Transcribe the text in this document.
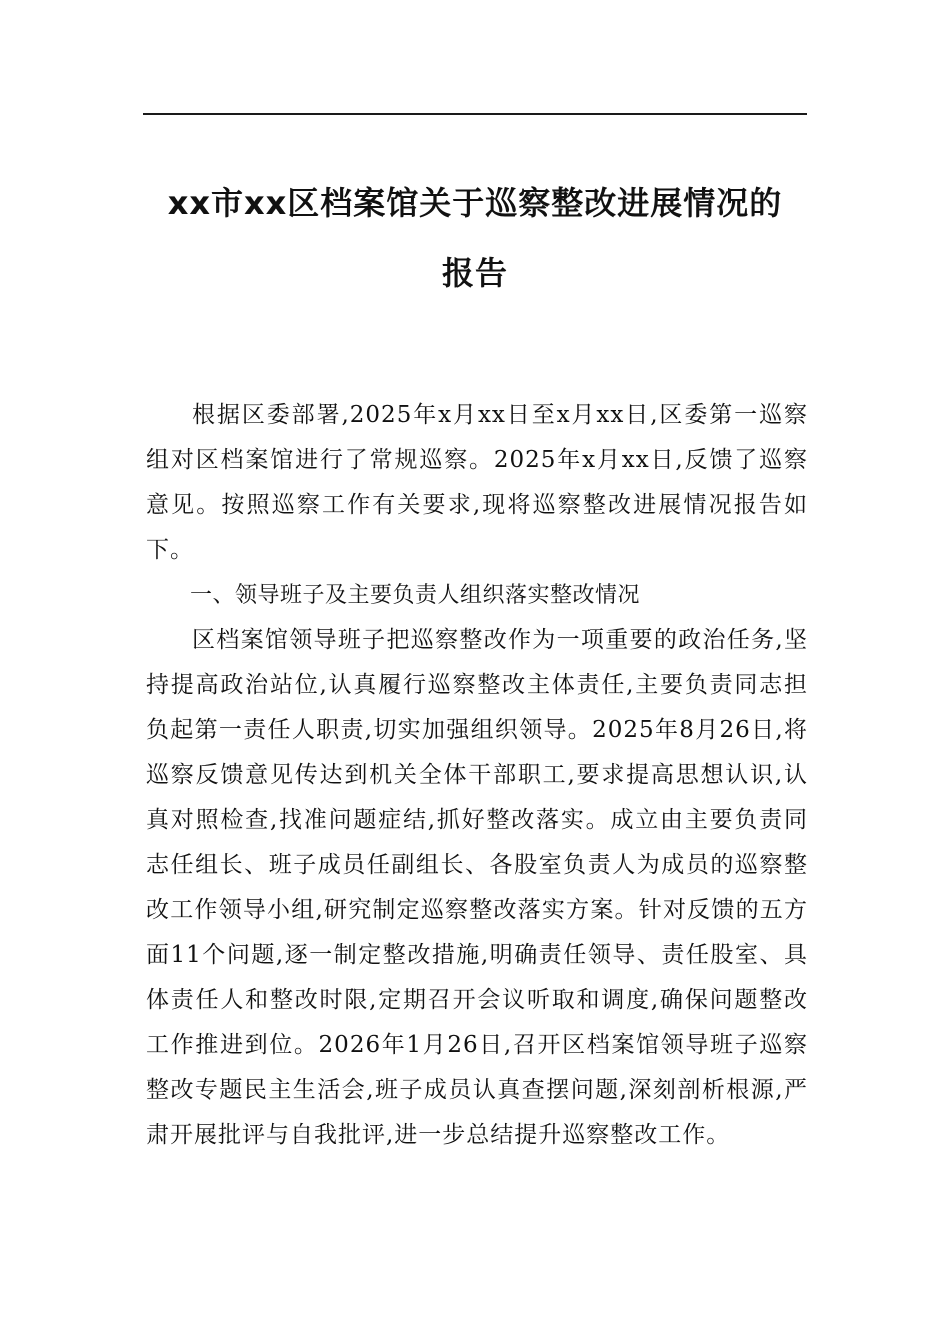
xx市xx区档案馆关于巡察整改进展情况的
报告

根据区委部署,2025年x月xx日至x月xx日,区委第一巡察组对区档案馆进行了常规巡察。2025年x月xx日,反馈了巡察意见。按照巡察工作有关要求,现将巡察整改进展情况报告如下。

一、领导班子及主要负责人组织落实整改情况

区档案馆领导班子把巡察整改作为一项重要的政治任务,坚持提高政治站位,认真履行巡察整改主体责任,主要负责同志担负起第一责任人职责,切实加强组织领导。2025年8月26日,将巡察反馈意见传达到机关全体干部职工,要求提高思想认识,认真对照检查,找准问题症结,抓好整改落实。成立由主要负责同志任组长、班子成员任副组长、各股室负责人为成员的巡察整改工作领导小组,研究制定巡察整改落实方案。针对反馈的五方面11个问题,逐一制定整改措施,明确责任领导、责任股室、具体责任人和整改时限,定期召开会议听取和调度,确保问题整改工作推进到位。2026年1月26日,召开区档案馆领导班子巡察整改专题民主生活会,班子成员认真查摆问题,深刻剖析根源,严肃开展批评与自我批评,进一步总结提升巡察整改工作。
